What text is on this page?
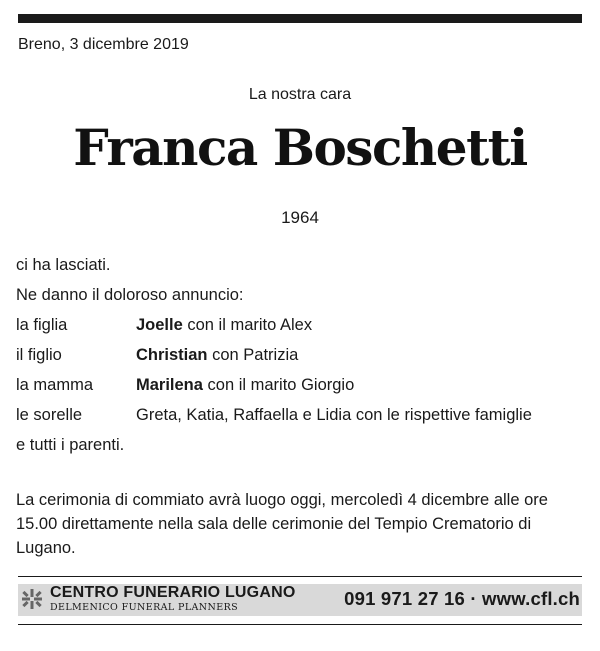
Breno, 3 dicembre 2019
La nostra cara
Franca Boschetti
1964
ci ha lasciati.
Ne danno il doloroso annuncio:
la figlia	Joelle con il marito Alex
il figlio	Christian con Patrizia
la mamma	Marilena con il marito Giorgio
le sorelle	Greta, Katia, Raffaella e Lidia con le rispettive famiglie
e tutti i parenti.
La cerimonia di commiato avrà luogo oggi, mercoledì 4 dicembre alle ore 15.00 direttamente nella sala delle cerimonie del Tempio Crematorio di Lugano.
CENTRO FUNERARIO LUGANO
DELMENICO FUNERAL PLANNERS	091 971 27 16 · www.cfl.ch
